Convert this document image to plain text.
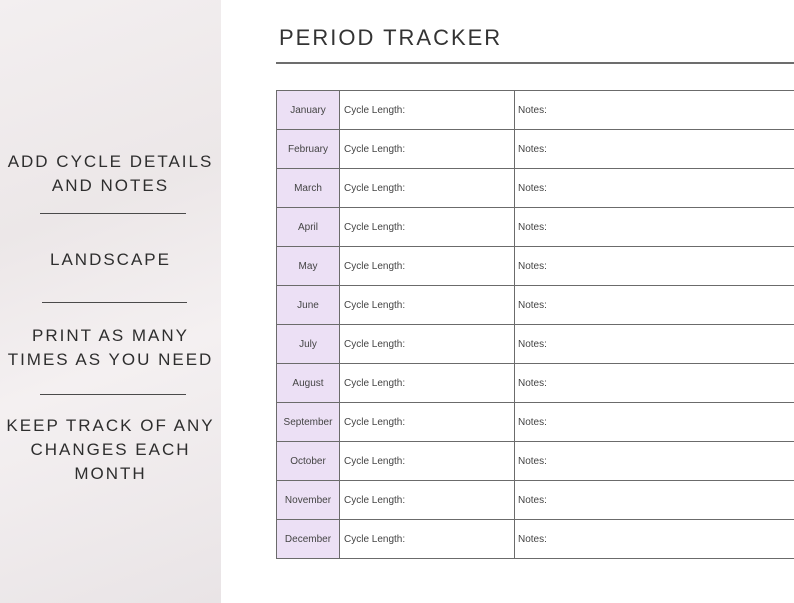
ADD CYCLE DETAILS
AND NOTES
LANDSCAPE
PRINT AS MANY
TIMES AS YOU NEED
KEEP TRACK OF ANY
CHANGES EACH
MONTH
PERIOD TRACKER
January	Cycle Length:	Notes:
February	Cycle Length:	Notes:
March	Cycle Length:	Notes:
April	Cycle Length:	Notes:
May	Cycle Length:	Notes:
June	Cycle Length:	Notes:
July	Cycle Length:	Notes:
August	Cycle Length:	Notes:
September	Cycle Length:	Notes:
October	Cycle Length:	Notes:
November	Cycle Length:	Notes:
December	Cycle Length:	Notes:
